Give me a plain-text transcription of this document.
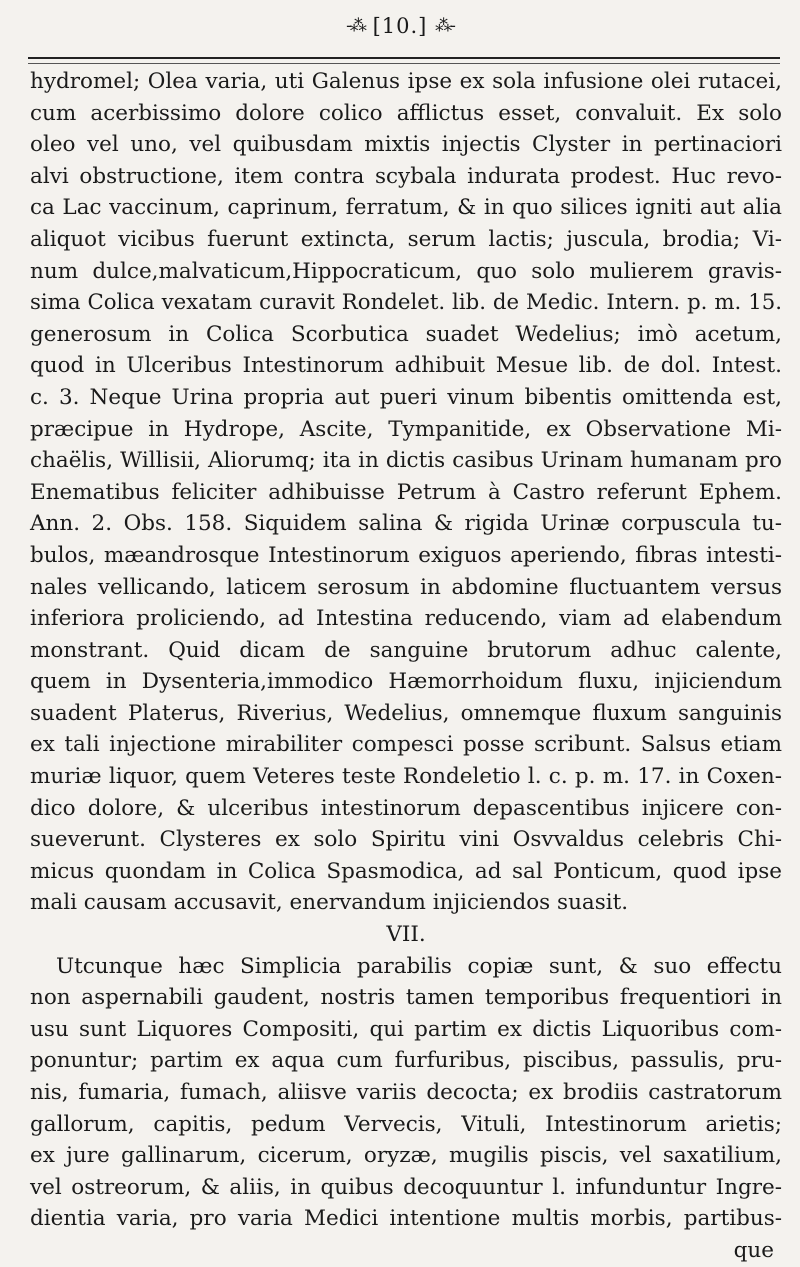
-⁂ [10.] ⁂-
hydromel; Olea varia, uti Galenus ipse ex sola infusione olei rutacei,
cum acerbissimo dolore colico afflictus esset, convaluit. Ex solo
oleo vel uno, vel quibusdam mixtis injectis Clyster in pertinaciori
alvi obstructione, item contra scybala indurata prodest. Huc revo-
ca Lac vaccinum, caprinum, ferratum, & in quo silices igniti aut alia
aliquot vicibus fuerunt extincta, serum lactis; jusculа, brodia; Vi-
num dulce,malvaticum,Hippocraticum, quo solo mulierem gravis-
sima Colica vexatam curavit Rondelet. lib. de Medic. Intern. p. m. 15.
generosum in Colica Scorbutica suadet Wedelius; imò acetum,
quod in Ulceribus Intestinorum adhibuit Mesue lib. de dol. Intest.
c. 3. Neque Urina propria aut pueri vinum bibentis omittenda est,
præcipue in Hydrope, Ascite, Tympanitide, ex Observatione Mi-
chaëlis, Willisii, Aliorumq; ita in dictis casibus Urinam humanam pro
Enematibus feliciter adhibuisse Petrum à Castro referunt Ephem.
Ann. 2. Obs. 158. Siquidem salina & rigida Urinæ corpuscula tu-
bulos, mæandrosque Intestinorum exiguos aperiendo, fibras intesti-
nales vellicando, laticem serosum in abdomine fluctuantem versus
inferiora proliciendo, ad Intestina reducendo, viam ad elabendum
monstrant. Quid dicam de sanguine brutorum adhuc calente,
quem in Dysenteria,immodico Hæmorrhoidum fluxu, injiciendum
suadent Platerus, Riverius, Wedelius, omnemque fluxum sanguinis
ex tali injectione mirabiliter compesci posse scribunt. Salsus etiam
muriæ liquor, quem Veteres teste Rondeletio l. c. p. m. 17. in Coxen-
dico dolore, & ulceribus intestinorum depascentibus injicere con-
sueverunt. Clysteres ex solo Spiritu vini Osvvaldus celebris Chi-
micus quondam in Colica Spasmodica, ad sal Ponticum, quod ipse
mali causam accusavit, enervandum injiciendos suasit.
VII.
Utcunque hæc Simplicia parabilis copiæ sunt, & suo effectu
non aspernabili gaudent, nostris tamen temporibus frequentiori in
usu sunt Liquores Compositi, qui partim ex dictis Liquoribus com-
ponuntur; partim ex aqua cum furfuribus, piscibus, passulis, pru-
nis, fumaria, fumach, aliisve variis decocta; ex brodiis castratorum
gallorum, capitis, pedum Vervecis, Vituli, Intestinorum arietis;
ex jure gallinarum, cicerum, oryzæ, mugilis piscis, vel saxatilium,
vel ostreorum, & aliis, in quibus decoquuntur l. infunduntur Ingre-
dientia varia, pro varia Medici intentione multis morbis, partibus-
que
